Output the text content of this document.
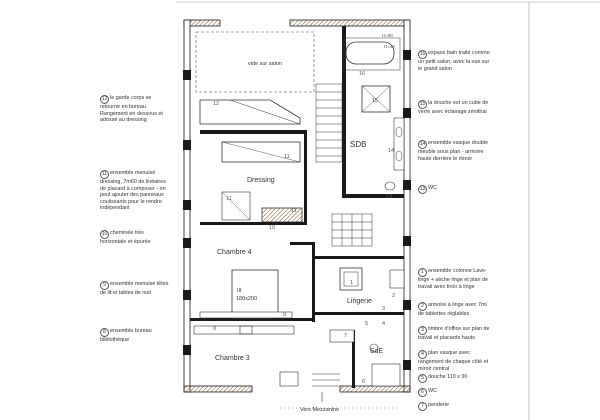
vide sur salon
Dressing
SDB
Chambre 4
Chambre 3
Lingerie
SdE
III
180x200
Vers Mezzanine
H=90
H=40
16
15
14
13
12
11
11
11
10
9
8
7
6
5	4
3
2
1
12 le garde corps se retourne en bureau. Rangement en dessous et adossé au dressing
11 ensemble menuisé dressing, 7m60 de linéaires de placard à composer - on peut ajouter des panneaux coulissants pour le rendre indépendant
10 cheminée très horizontale et épurée
9 ensemble menuisé têtes de lit et tables de nuit
8 ensemble bureau bibliothèque
16 espace bain traité comme un petit salon, avec la vue sur le grand salon
15 la douche est un cube de verre avec éclairage zénithal
14 ensemble vasque double meuble sous plan - armoire haute derrière le miroir
13 WC
1 ensemble colonne Lave-linge + sèche linge et plan de travail avec tiroir à linge
2 armoire à linge avec 7ml de tablettes réglables
3 timbre d'office sur plan de travail et placards hauts
4 plan vasque avec rangement de chaque côté et miroir central
5 douche 110 x 90
6 WC
7 penderie
